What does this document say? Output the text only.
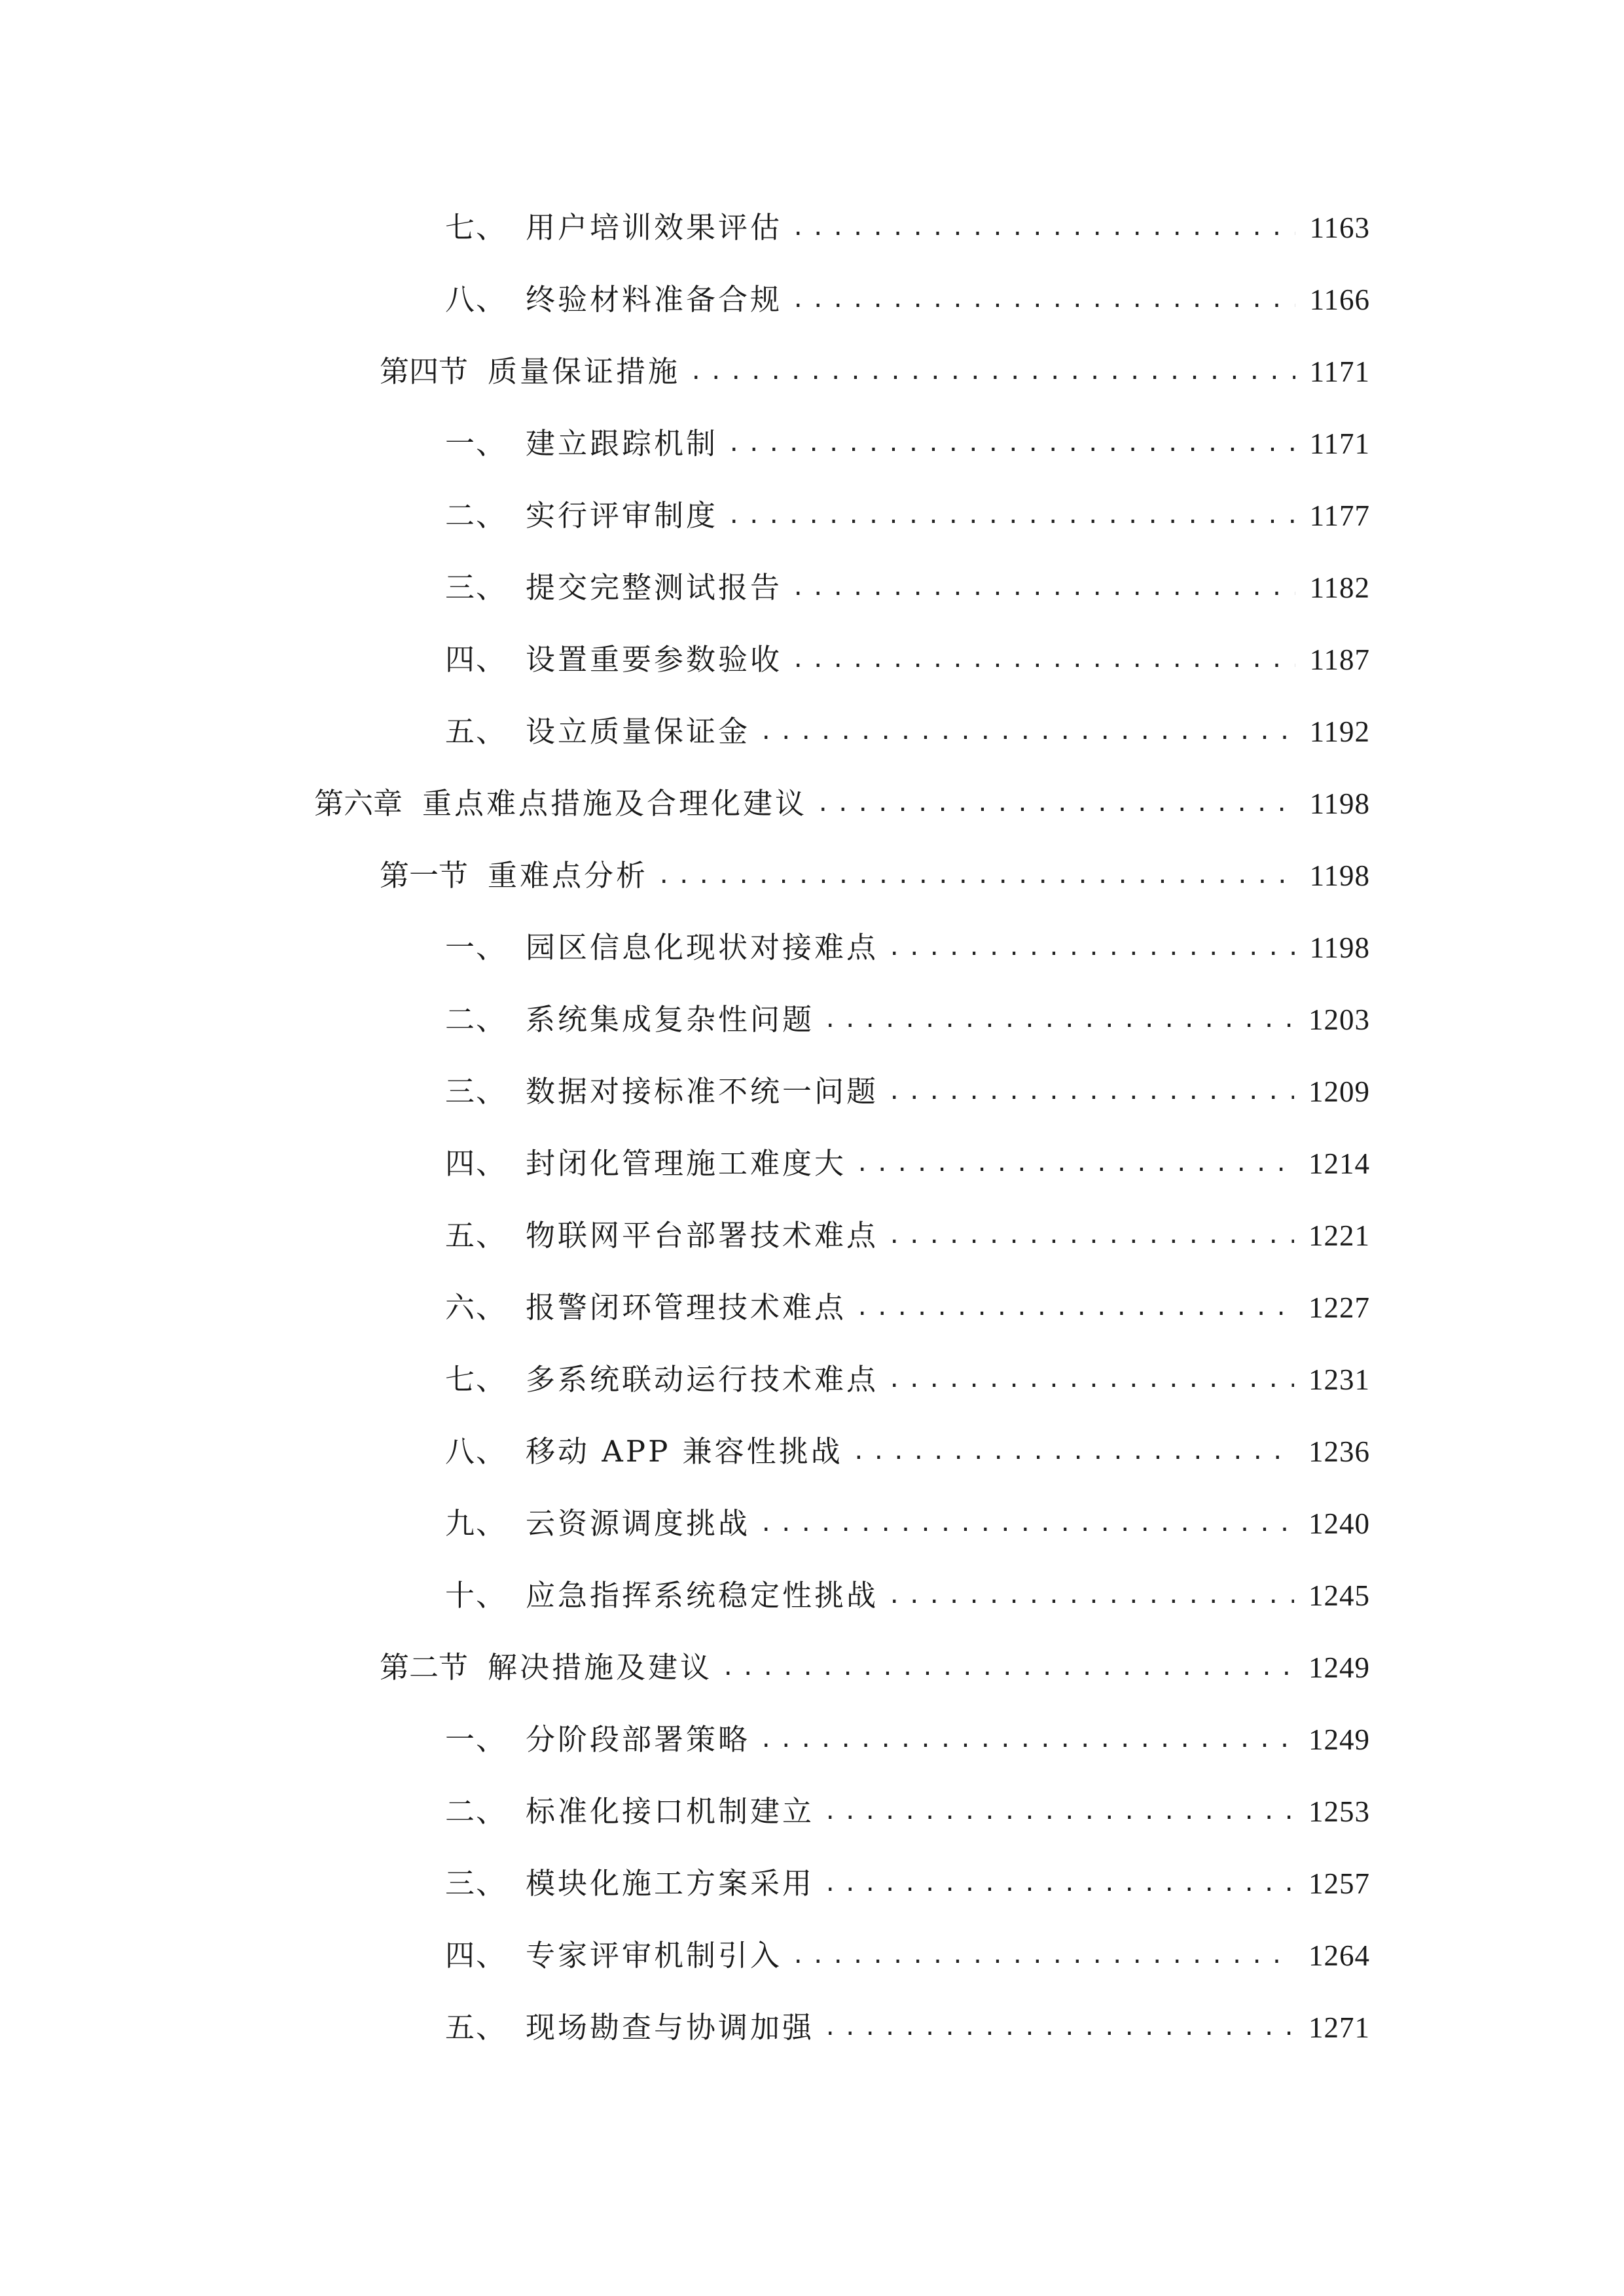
七、 用户培训效果评估 .....	1163
八、 终验材料准备合规 .....	1166
第四节 质量保证措施 .....	1171
一、 建立跟踪机制 .....	1171
二、 实行评审制度 .....	1177
三、 提交完整测试报告 .....	1182
四、 设置重要参数验收 .....	1187
五、 设立质量保证金 .....	1192
第六章 重点难点措施及合理化建议 .....	1198
第一节 重难点分析 .....	1198
一、 园区信息化现状对接难点 .....	1198
二、 系统集成复杂性问题 .....	1203
三、 数据对接标准不统一问题 .....	1209
四、 封闭化管理施工难度大 .....	1214
五、 物联网平台部署技术难点 .....	1221
六、 报警闭环管理技术难点 .....	1227
七、 多系统联动运行技术难点 .....	1231
八、 移动 APP 兼容性挑战 .....	1236
九、 云资源调度挑战 .....	1240
十、 应急指挥系统稳定性挑战 .....	1245
第二节 解决措施及建议 .....	1249
一、 分阶段部署策略 .....	1249
二、 标准化接口机制建立 .....	1253
三、 模块化施工方案采用 .....	1257
四、 专家评审机制引入 .....	1264
五、 现场勘查与协调加强 .....	1271
